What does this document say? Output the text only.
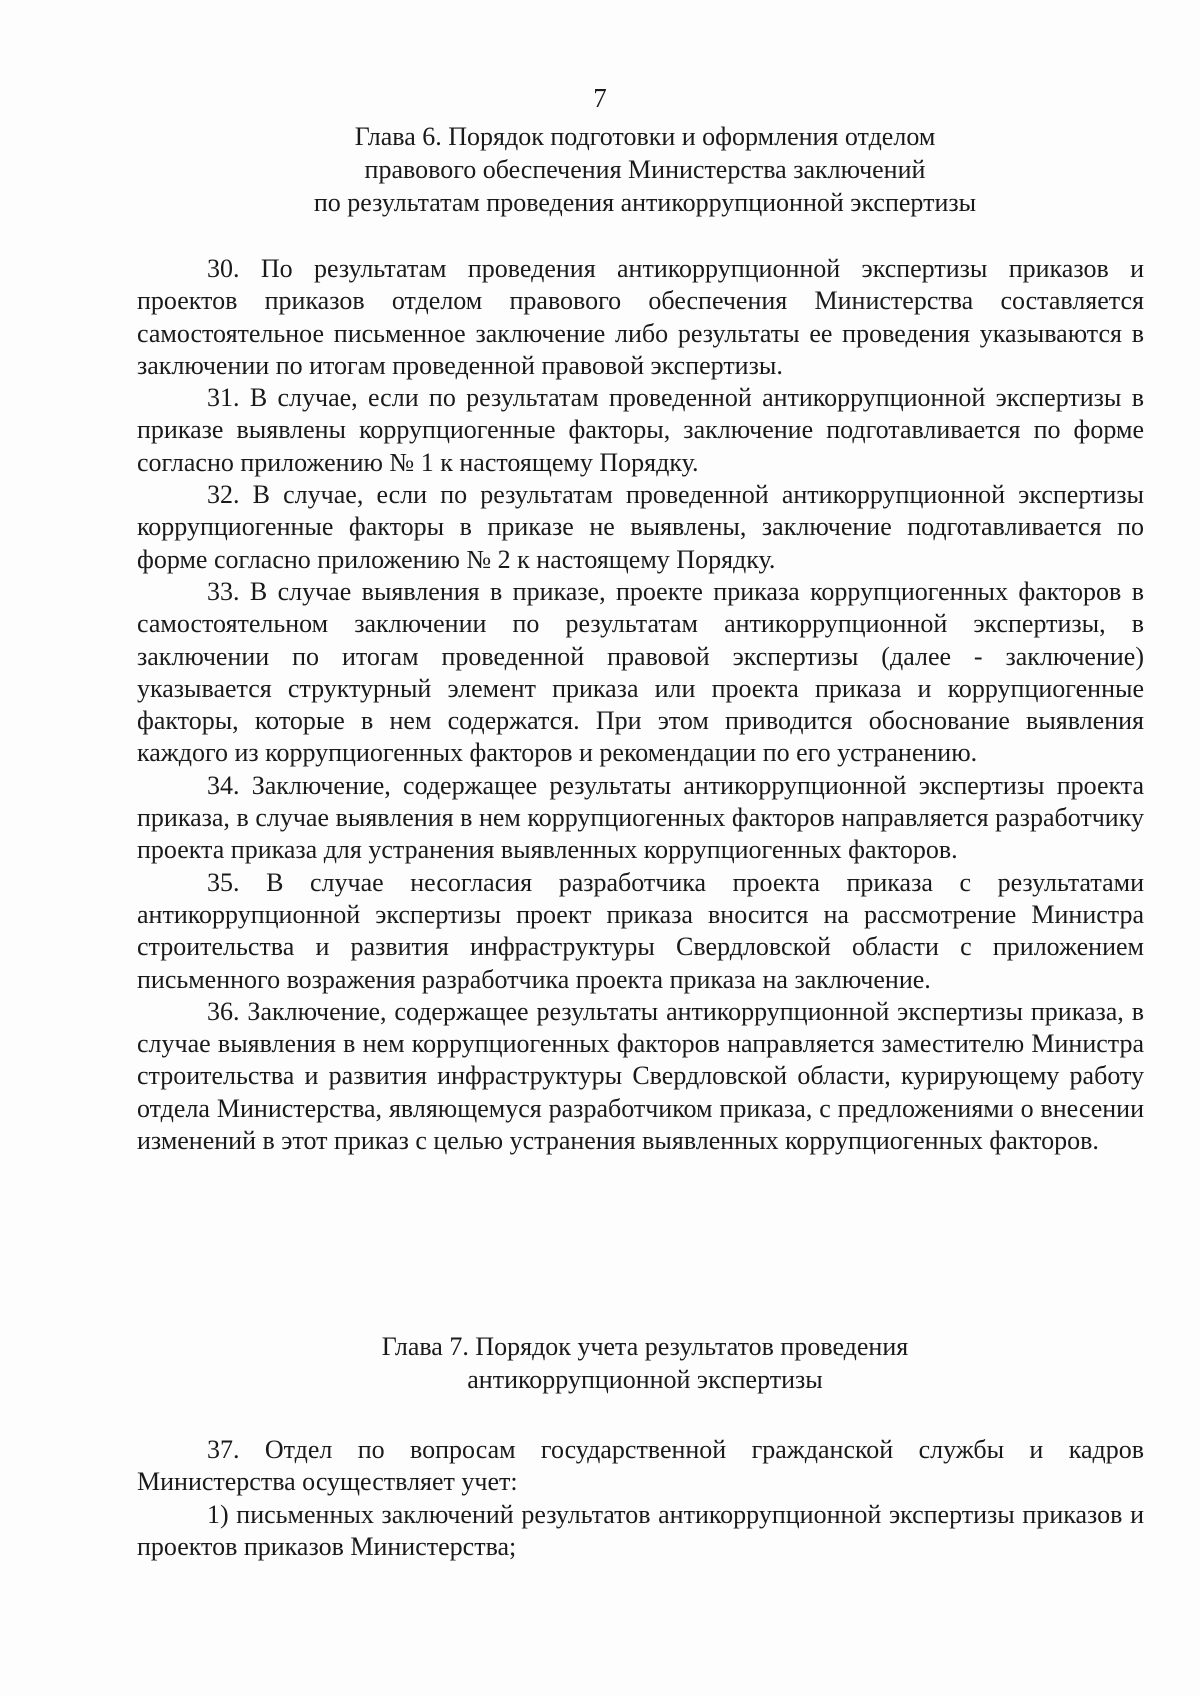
7
Глава 6. Порядок подготовки и оформления отделом
правового обеспечения Министерства заключений
по результатам проведения антикоррупционной экспертизы

30. По результатам проведения антикоррупционной экспертизы приказов и проектов приказов отделом правового обеспечения Министерства составляется самостоятельное письменное заключение либо результаты ее проведения указываются в заключении по итогам проведенной правовой экспертизы.

31. В случае, если по результатам проведенной антикоррупционной экспертизы в приказе выявлены коррупциогенные факторы, заключение подготавливается по форме согласно приложению № 1 к настоящему Порядку.

32. В случае, если по результатам проведенной антикоррупционной экспертизы коррупциогенные факторы в приказе не выявлены, заключение подготавливается по форме согласно приложению № 2 к настоящему Порядку.

33. В случае выявления в приказе, проекте приказа коррупциогенных факторов в самостоятельном заключении по результатам антикоррупционной экспертизы, в заключении по итогам проведенной правовой экспертизы (далее - заключение) указывается структурный элемент приказа или проекта приказа и коррупциогенные факторы, которые в нем содержатся. При этом приводится обоснование выявления каждого из коррупциогенных факторов и рекомендации по его устранению.

34. Заключение, содержащее результаты антикоррупционной экспертизы проекта приказа, в случае выявления в нем коррупциогенных факторов направляется разработчику проекта приказа для устранения выявленных коррупциогенных факторов.

35. В случае несогласия разработчика проекта приказа с результатами антикоррупционной экспертизы проект приказа вносится на рассмотрение Министра строительства и развития инфраструктуры Свердловской области с приложением письменного возражения разработчика проекта приказа на заключение.

36. Заключение, содержащее результаты антикоррупционной экспертизы приказа, в случае выявления в нем коррупциогенных факторов направляется заместителю Министра строительства и развития инфраструктуры Свердловской области, курирующему работу отдела Министерства, являющемуся разработчиком приказа, с предложениями о внесении изменений в этот приказ с целью устранения выявленных коррупциогенных факторов.

Глава 7. Порядок учета результатов проведения
антикоррупционной экспертизы

37. Отдел по вопросам государственной гражданской службы и кадров Министерства осуществляет учет:

1) письменных заключений результатов антикоррупционной экспертизы приказов и проектов приказов Министерства;
